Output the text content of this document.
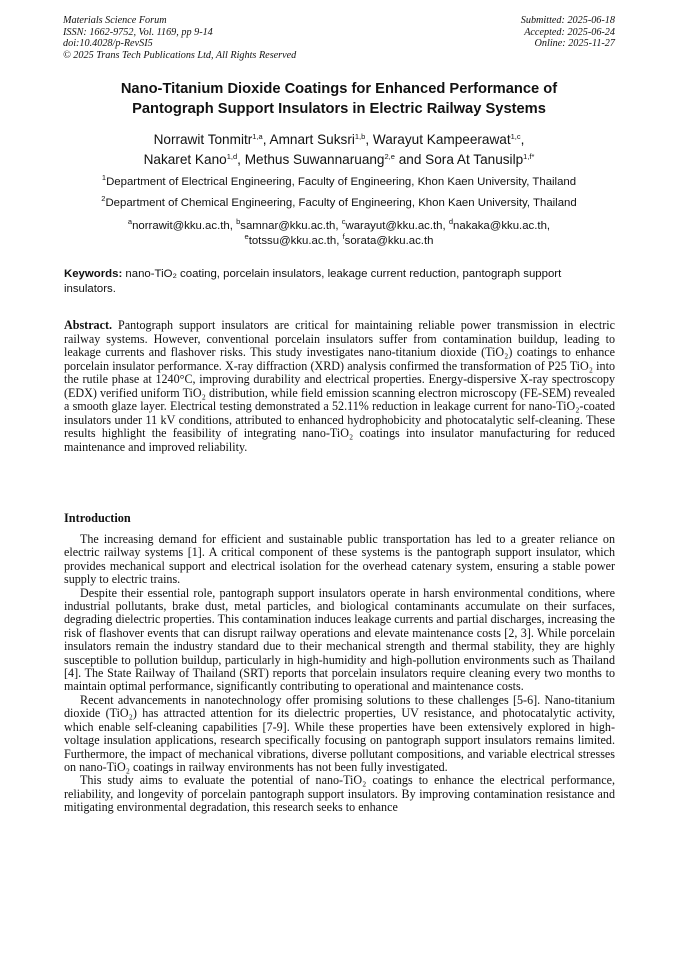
Materials Science Forum
ISSN: 1662-9752, Vol. 1169, pp 9-14
doi:10.4028/p-RevSI5
© 2025 Trans Tech Publications Ltd, All Rights Reserved
Submitted: 2025-06-18
Accepted: 2025-06-24
Online: 2025-11-27
Nano-Titanium Dioxide Coatings for Enhanced Performance of
Pantograph Support Insulators in Electric Railway Systems
Norrawit Tonmitr$^{1,a}$, Amnart Suksri$^{1,b}$, Warayut Kampeerawat$^{1,c}$,
Nakaret Kano$^{1,d}$, Methus Suwannaruang$^{2,e}$ and Sora At Tanusilp$^{1,f*}$
$^1$Department of Electrical Engineering, Faculty of Engineering, Khon Kaen University, Thailand
$^2$Department of Chemical Engineering, Faculty of Engineering, Khon Kaen University, Thailand
$^a$norrawit@kku.ac.th, $^b$samnar@kku.ac.th, $^c$warayut@kku.ac.th, $^d$nakaka@kku.ac.th,
$^e$totssu@kku.ac.th, $^f$sorata@kku.ac.th
Keywords: nano-TiO₂ coating, porcelain insulators, leakage current reduction, pantograph support insulators.

Abstract. Pantograph support insulators are critical for maintaining reliable power transmission in electric railway systems. However, conventional porcelain insulators suffer from contamination buildup, leading to leakage currents and flashover risks. This study investigates nano-titanium dioxide (TiO₂) coatings to enhance porcelain insulator performance. X-ray diffraction (XRD) analysis confirmed the transformation of P25 TiO₂ into the rutile phase at 1240°C, improving durability and electrical properties. Energy-dispersive X-ray spectroscopy (EDX) verified uniform TiO₂ distribution, while field emission scanning electron microscopy (FE-SEM) revealed a smooth glaze layer. Electrical testing demonstrated a 52.11% reduction in leakage current for nano-TiO₂-coated insulators under 11 kV conditions, attributed to enhanced hydrophobicity and photocatalytic self-cleaning. These results highlight the feasibility of integrating nano-TiO₂ coatings into insulator manufacturing for reduced maintenance and improved reliability.

Introduction

The increasing demand for efficient and sustainable public transportation has led to a greater reliance on electric railway systems [1]. A critical component of these systems is the pantograph support insulator, which provides mechanical support and electrical isolation for the overhead catenary system, ensuring a stable power supply to electric trains.

Despite their essential role, pantograph support insulators operate in harsh environmental conditions, where industrial pollutants, brake dust, metal particles, and biological contaminants accumulate on their surfaces, degrading dielectric properties. This contamination induces leakage currents and partial discharges, increasing the risk of flashover events that can disrupt railway operations and elevate maintenance costs [2, 3]. While porcelain insulators remain the industry standard due to their mechanical strength and thermal stability, they are highly susceptible to pollution buildup, particularly in high-humidity and high-pollution environments such as Thailand [4]. The State Railway of Thailand (SRT) reports that porcelain insulators require cleaning every two months to maintain optimal performance, significantly contributing to operational and maintenance costs.

Recent advancements in nanotechnology offer promising solutions to these challenges [5-6]. Nano-titanium dioxide (TiO₂) has attracted attention for its dielectric properties, UV resistance, and photocatalytic activity, which enable self-cleaning capabilities [7-9]. While these properties have been extensively explored in high-voltage insulation applications, research specifically focusing on pantograph support insulators remains limited. Furthermore, the impact of mechanical vibrations, diverse pollutant compositions, and variable electrical stresses on nano-TiO₂ coatings in railway environments has not been fully investigated.

This study aims to evaluate the potential of nano-TiO₂ coatings to enhance the electrical performance, reliability, and longevity of porcelain pantograph support insulators. By improving contamination resistance and mitigating environmental degradation, this research seeks to enhance
